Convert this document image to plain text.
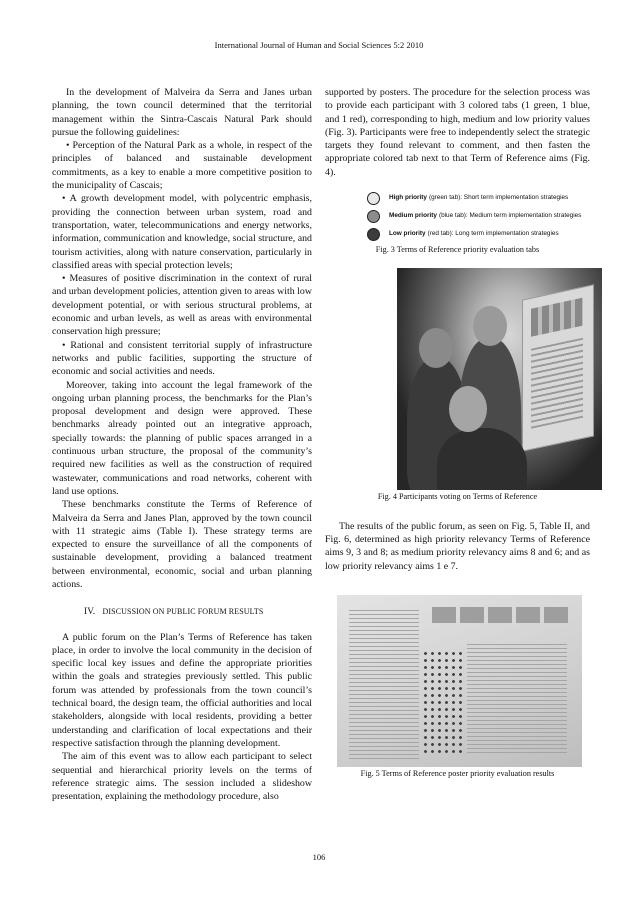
International Journal of Human and Social Sciences 5:2 2010

In the development of Malveira da Serra and Janes urban planning, the town council determined that the territorial management within the Sintra-Cascais Natural Park should pursue the following guidelines:

• Perception of the Natural Park as a whole, in respect of the principles of balanced and sustainable development commitments, as a key to enable a more competitive position to the municipality of Cascais;

• A growth development model, with polycentric emphasis, providing the connection between urban system, road and transportation, water, telecommunications and energy networks, information, communication and knowledge, social structure, and tourism activities, along with nature conservation, particularly in classified areas with special protection levels;

• Measures of positive discrimination in the context of rural and urban development policies, attention given to areas with low development potential, or with serious structural problems, at economic and urban levels, as well as areas with environmental conservation high pressure;

• Rational and consistent territorial supply of infrastructure networks and public facilities, supporting the structure of economic and social activities and needs.

Moreover, taking into account the legal framework of the ongoing urban planning process, the benchmarks for the Plan’s proposal development and design were approved. These benchmarks already pointed out an integrative approach, specially towards: the planning of public spaces arranged in a continuous urban structure, the proposal of the community’s required new facilities as well as the construction of required wastewater, communications and road networks, coherent with land use options.

These benchmarks constitute the Terms of Reference of Malveira da Serra and Janes Plan, approved by the town council with 11 strategic aims (Table I). These strategy terms are expected to ensure the surveillance of all the components of sustainable development, providing a balanced treatment between environmental, economic, social and urban planning actions.

IV. DISCUSSION ON PUBLIC FORUM RESULTS

A public forum on the Plan’s Terms of Reference has taken place, in order to involve the local community in the decision of specific local key issues and define the appropriate priorities within the goals and strategies previously settled. This public forum was attended by professionals from the town council’s technical board, the design team, the official authorities and local stakeholders, alongside with local residents, providing a better understanding and clarification of local expectations and their respective satisfaction through the planning development.

The aim of this event was to allow each participant to select sequential and hierarchical priority levels on the terms of reference strategic aims. The session included a slideshow presentation, explaining the methodology procedure, also

supported by posters. The procedure for the selection process was to provide each participant with 3 colored tabs (1 green, 1 blue, and 1 red), corresponding to high, medium and low priority values (Fig. 3). Participants were free to independently select the strategic targets they found relevant to comment, and then fasten the appropriate colored tab next to that Term of Reference aims (Fig. 4).

High priority (green tab): Short term implementation strategies
Medium priority (blue tab): Medium term implementation strategies
Low priority (red tab): Long term implementation strategies

Fig. 3 Terms of Reference priority evaluation tabs

Fig. 4 Participants voting on Terms of Reference

The results of the public forum, as seen on Fig. 5, Table II, and Fig. 6, determined as high priority relevancy Terms of Reference aims 9, 3 and 8; as medium priority relevancy aims 8 and 6; and as low priority relevancy aims 1 e 7.

Fig. 5 Terms of Reference poster priority evaluation results

106
